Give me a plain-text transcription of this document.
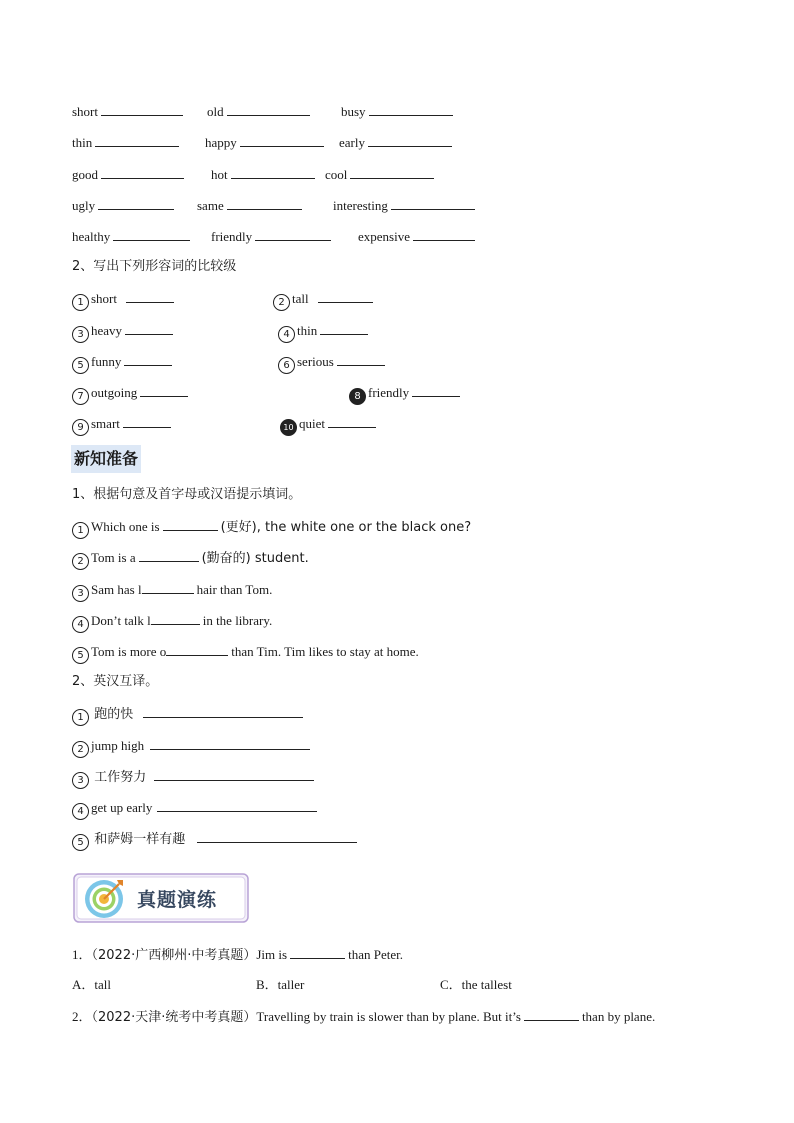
short	old	busy
thin	happy	early
good	hot	cool
ugly	same	interesting
healthy	friendly	expensive
2、写出下列形容词的比较级
1 short	2 tall
3 heavy	4 thin
5 funny	6 serious
7 outgoing	8 friendly
9 smart	10 quiet
新知准备
1、根据句意及首字母或汉语提示填词。
1 Which one is	(更好), the white one or the black one?
2 Tom is a	(勤奋的) student.
3 Sam has l	hair than Tom.
4 Don’t talk l	in the library.
5 Tom is more o	than Tim. Tim likes to stay at home.
2、英汉互译。
1 跑的快
2 jump high
3 工作努力
4 get up early
5 和萨姆一样有趣
真题演练
1．（2022·广西柳州·中考真题）Jim is	than Peter.
A．tall	B．taller	C．the tallest
2．（2022·天津·统考中考真题）Travelling by train is slower than by plane. But it’s	than by plane.
